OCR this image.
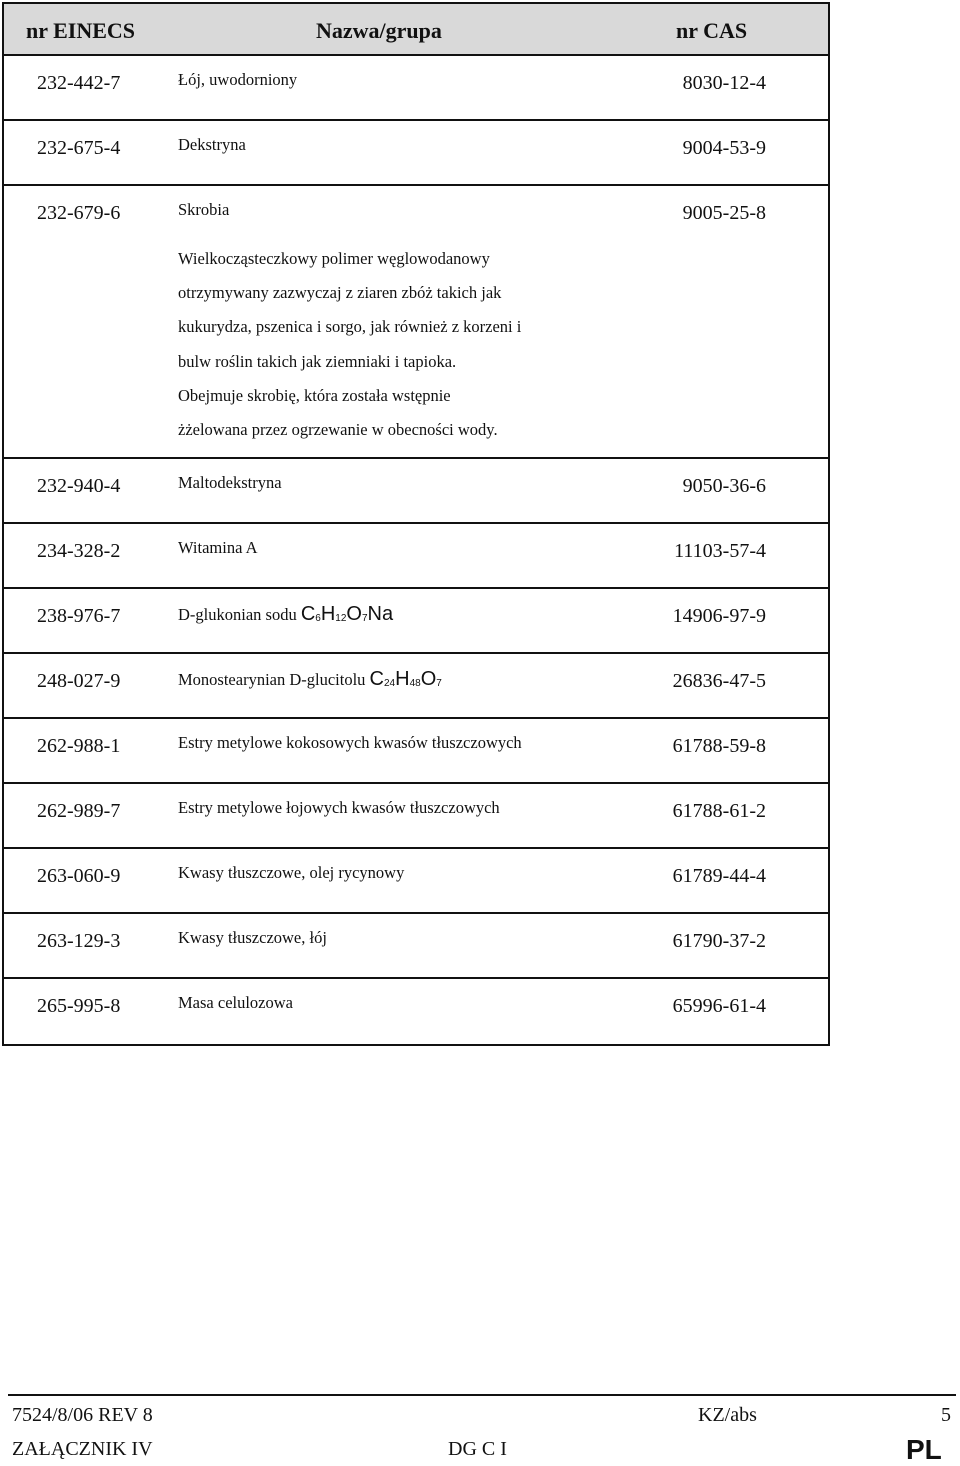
nr EINECS	Nazwa/grupa	nr CAS
232-442-7	Łój, uwodorniony	8030-12-4
232-675-4	Dekstryna	9004-53-9
232-679-6	Skrobia	9005-25-8
Wielkocząsteczkowy polimer węglowodanowy
otrzymywany zazwyczaj z ziaren zbóż takich jak
kukurydza, pszenica i sorgo, jak również z korzeni i
bulw roślin takich jak ziemniaki i tapioka.
Obejmuje skrobię, która została wstępnie
żżelowana przez ogrzewanie w obecności wody.
232-940-4	Maltodekstryna	9050-36-6
234-328-2	Witamina A	11103-57-4
238-976-7	D-glukonian sodu $C_6H_{12}O_7Na$	14906-97-9
248-027-9	Monostearynian D-glucitolu $C_{24}H_{48}O_7$	26836-47-5
262-988-1	Estry metylowe kokosowych kwasów tłuszczowych	61788-59-8
262-989-7	Estry metylowe łojowych kwasów tłuszczowych	61788-61-2
263-060-9	Kwasy tłuszczowe, olej rycynowy	61789-44-4
263-129-3	Kwasy tłuszczowe, łój	61790-37-2
265-995-8	Masa celulozowa	65996-61-4
7524/8/06 REV 8	KZ/abs	5
ZAŁĄCZNIK IV	DG C I	PL
